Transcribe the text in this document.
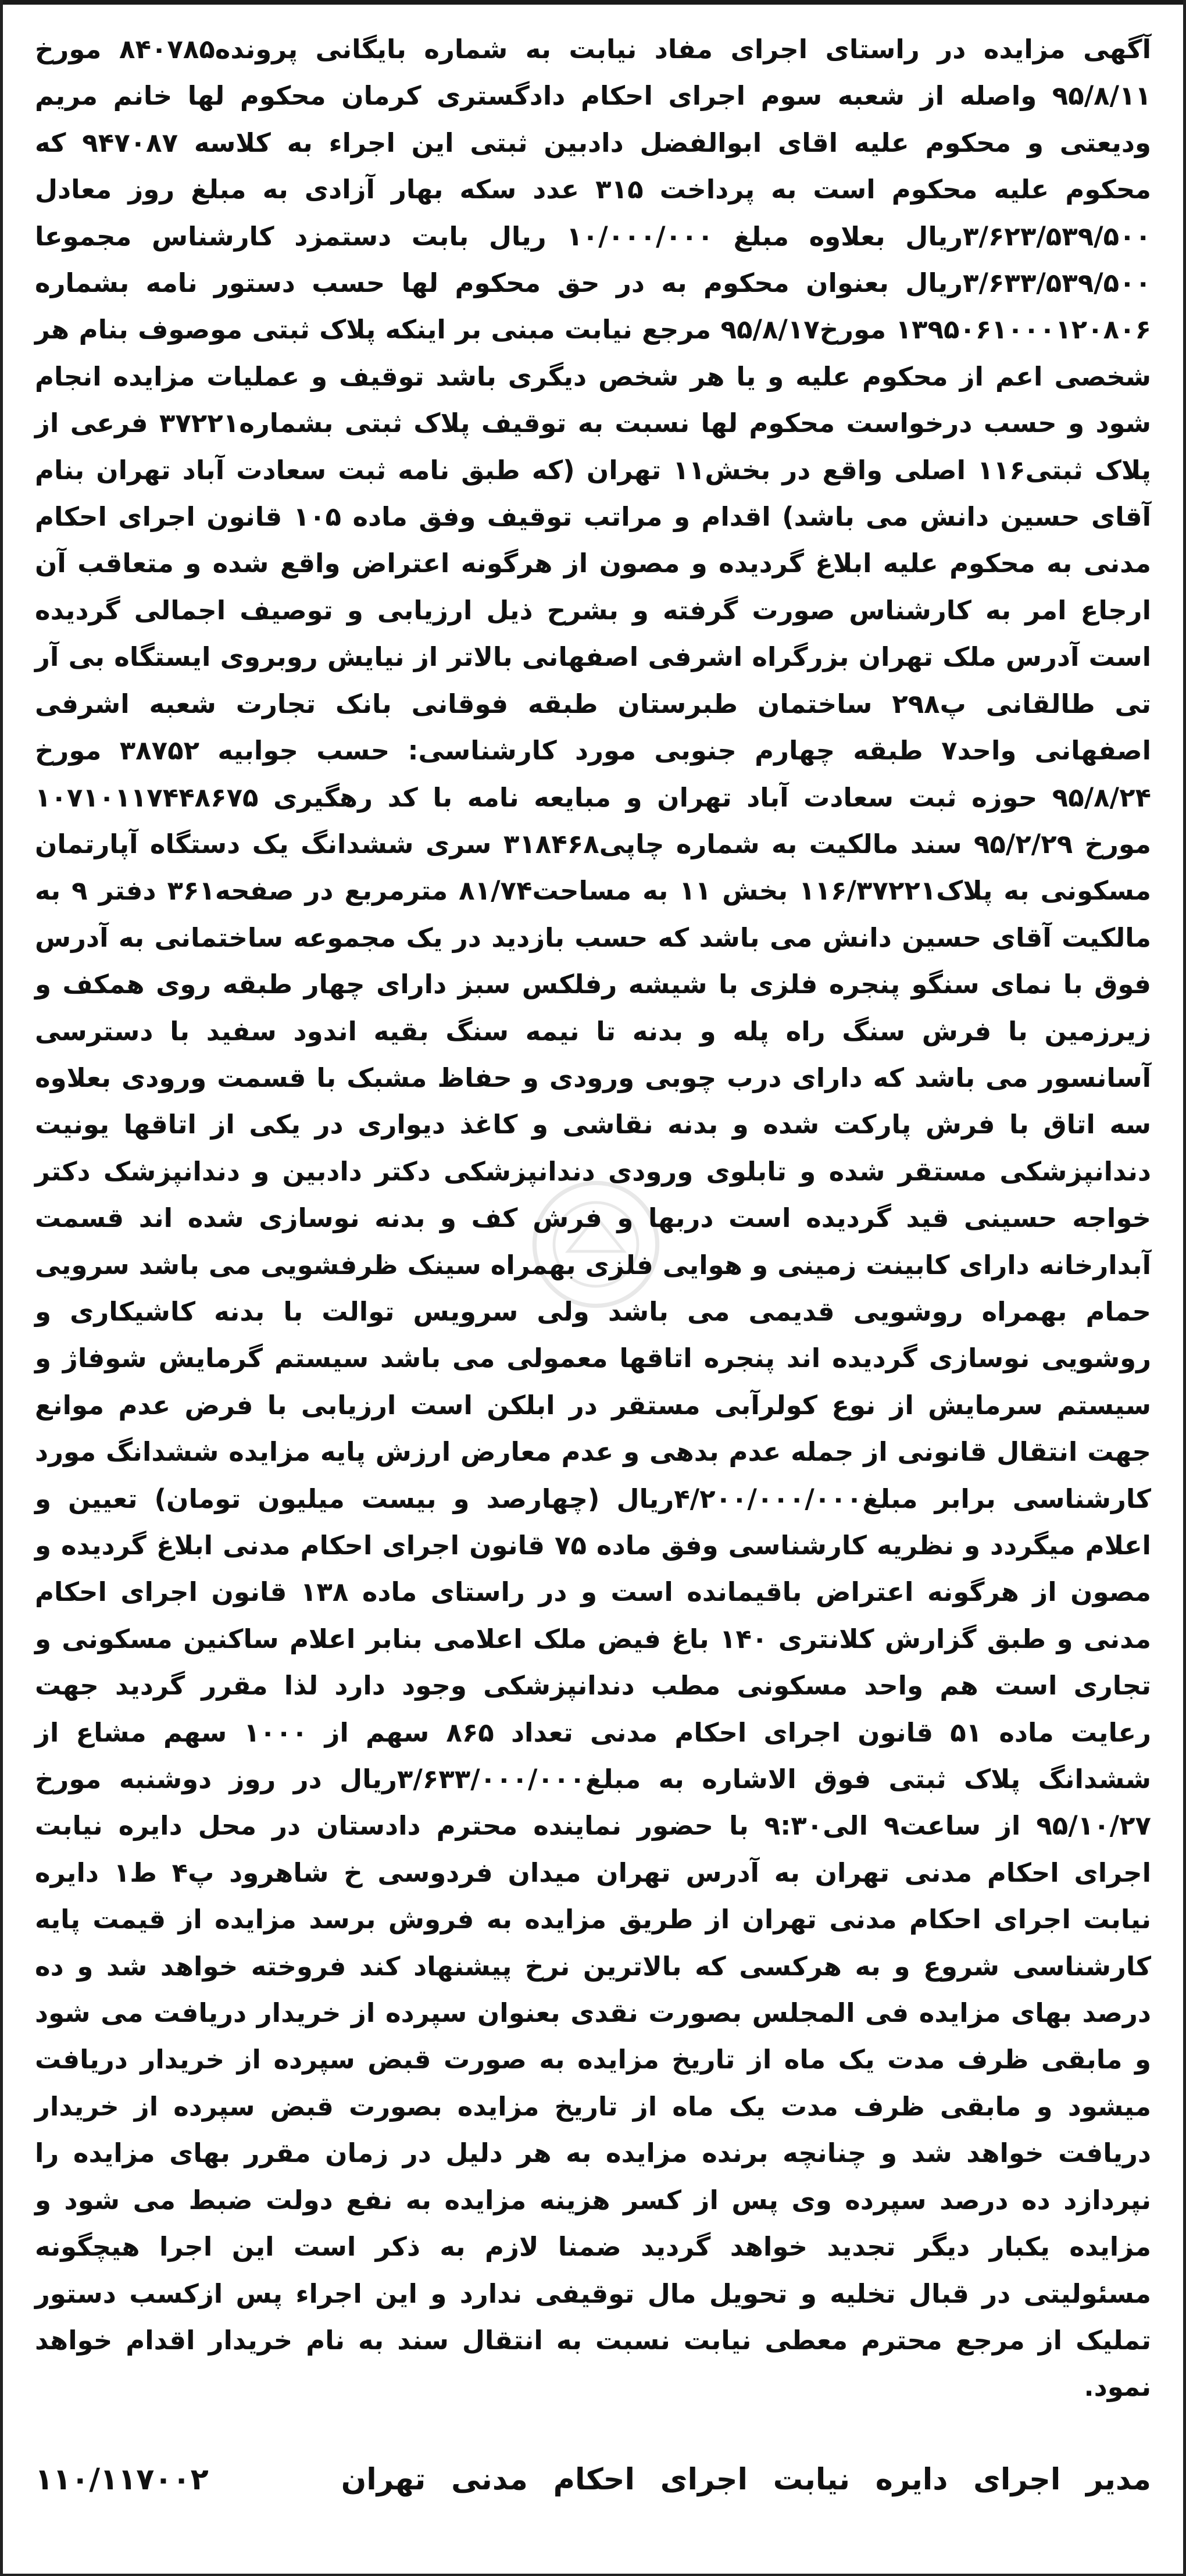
آگهی مزایده در راستای اجرای مفاد نیابت به شماره بایگانی پرونده۸۴۰۷۸۵ مورخ ۹۵/۸/۱۱ واصله از شعبه سوم اجرای احکام دادگستری کرمان محکوم لها خانم مریم ودیعتی و محکوم علیه اقای ابوالفضل دادبین ثبتی این اجراء به کلاسه ۹۴۷۰۸۷ که محکوم علیه محکوم است به پرداخت ۳۱۵ عدد سکه بهار آزادی به مبلغ روز معادل ۳/۶۲۳/۵۳۹/۵۰۰ریال بعلاوه مبلغ ۱۰/۰۰۰/۰۰۰ ریال بابت دستمزد کارشناس مجموعا ۳/۶۳۳/۵۳۹/۵۰۰ریال بعنوان محکوم به در حق محکوم لها حسب دستور نامه بشماره ۱۳۹۵۰۶۱۰۰۰۱۲۰۸۰۶ مورخ۹۵/۸/۱۷ مرجع نیابت مبنی بر اینکه پلاک ثبتی موصوف بنام هر شخصی اعم از محکوم علیه و یا هر شخص دیگری باشد توقیف و عملیات مزایده انجام شود و حسب درخواست محکوم لها نسبت به توقیف پلاک ثبتی بشماره۳۷۲۲۱ فرعی از پلاک ثبتی۱۱۶ اصلی واقع در بخش۱۱ تهران (که طبق نامه ثبت سعادت آباد تهران بنام آقای حسین دانش می باشد) اقدام و مراتب توقیف وفق ماده ۱۰۵ قانون اجرای احکام مدنی به محکوم علیه ابلاغ گردیده و مصون از هرگونه اعتراض واقع شده و متعاقب آن ارجاع امر به کارشناس صورت گرفته و بشرح ذیل ارزیابی و توصیف اجمالی گردیده است آدرس ملک تهران بزرگراه اشرفی اصفهانی بالاتر از نیایش روبروی ایستگاه بی آر تی طالقانی پ۲۹۸ ساختمان طبرستان طبقه فوقانی بانک تجارت شعبه اشرفی اصفهانی واحد۷ طبقه چهارم جنوبی مورد کارشناسی: حسب جوابیه ۳۸۷۵۲ مورخ ۹۵/۸/۲۴ حوزه ثبت سعادت آباد تهران و مبایعه نامه با کد رهگیری ۱۰۷۱۰۱۱۷۴۴۸۶۷۵ مورخ ۹۵/۲/۲۹ سند مالکیت به شماره چاپی۳۱۸۴۶۸ سری ششدانگ یک دستگاه آپارتمان مسکونی به پلاک۱۱۶/۳۷۲۲۱ بخش ۱۱ به مساحت۸۱/۷۴ مترمربع در صفحه۳۶۱ دفتر ۹ به مالکیت آقای حسین دانش می باشد که حسب بازدید در یک مجموعه ساختمانی به آدرس فوق با نمای سنگو پنجره فلزی با شیشه رفلکس سبز دارای چهار طبقه روی همکف و زیرزمین با فرش سنگ راه پله و بدنه تا نیمه سنگ بقیه اندود سفید با دسترسی آسانسور می باشد که دارای درب چوبی ورودی و حفاظ مشبک با قسمت ورودی بعلاوه سه اتاق با فرش پارکت شده و بدنه نقاشی و کاغذ دیواری در یکی از اتاقها یونیت دندانپزشکی مستقر شده و تابلوی ورودی دندانپزشکی دکتر دادبین و دندانپزشک دکتر خواجه حسینی قید گردیده است دربها و فرش کف و بدنه نوسازی شده اند قسمت آبدارخانه دارای کابینت زمینی و هوایی فلزی بهمراه سینک ظرفشویی می باشد سرویی حمام بهمراه روشویی قدیمی می باشد ولی سرویس توالت با بدنه کاشیکاری و روشویی نوسازی گردیده اند پنجره اتاقها معمولی می باشد سیستم گرمایش شوفاژ و سیستم سرمایش از نوع کولرآبی مستقر در ابلکن است ارزیابی با فرض عدم موانع جهت انتقال قانونی از جمله عدم بدهی و عدم معارض ارزش پایه مزایده ششدانگ مورد کارشناسی برابر مبلغ۴/۲۰۰/۰۰۰/۰۰۰ریال (چهارصد و بیست میلیون تومان) تعیین و اعلام میگردد و نظریه کارشناسی وفق ماده ۷۵ قانون اجرای احکام مدنی ابلاغ گردیده و مصون از هرگونه اعتراض باقیمانده است و در راستای ماده ۱۳۸ قانون اجرای احکام مدنی و طبق گزارش کلانتری ۱۴۰ باغ فیض ملک اعلامی بنابر اعلام ساکنین مسکونی و تجاری است هم واحد مسکونی مطب دندانپزشکی وجود دارد لذا مقرر گردید جهت رعایت ماده ۵۱ قانون اجرای احکام مدنی تعداد ۸۶۵ سهم از ۱۰۰۰ سهم مشاع از ششدانگ پلاک ثبتی فوق الاشاره به مبلغ۳/۶۳۳/۰۰۰/۰۰۰ریال در روز دوشنبه مورخ ۹۵/۱۰/۲۷ از ساعت۹ الی۹:۳۰ با حضور نماینده محترم دادستان در محل دایره نیابت اجرای احکام مدنی تهران به آدرس تهران میدان فردوسی خ شاهرود پ۴ ط۱ دایره نیابت اجرای احکام مدنی تهران از طریق مزایده به فروش برسد مزایده از قیمت پایه کارشناسی شروع و به هرکسی که بالاترین نرخ پیشنهاد کند فروخته خواهد شد و ده درصد بهای مزایده فی المجلس بصورت نقدی بعنوان سپرده از خریدار دریافت می شود و مابقی ظرف مدت یک ماه از تاریخ مزایده به صورت قبض سپرده از خریدار دریافت میشود و مابقی ظرف مدت یک ماه از تاریخ مزایده بصورت قبض سپرده از خریدار دریافت خواهد شد و چنانچه برنده مزایده به هر دلیل در زمان مقرر بهای مزایده را نپردازد ده درصد سپرده وی پس از کسر هزینه مزایده به نفع دولت ضبط می شود و مزایده یکبار دیگر تجدید خواهد گردید ضمنا لازم به ذکر است این اجرا هیچگونه مسئولیتی در قبال تخلیه و تحویل مال توقیفی ندارد و این اجراء پس ازکسب دستور تملیک از مرجع محترم معطی نیابت نسبت به انتقال سند به نام خریدار اقدام خواهد نمود.
مدیر اجرای دایره نیابت اجرای احکام مدنی تهران
۱۱۰/۱۱۷۰۰۲
